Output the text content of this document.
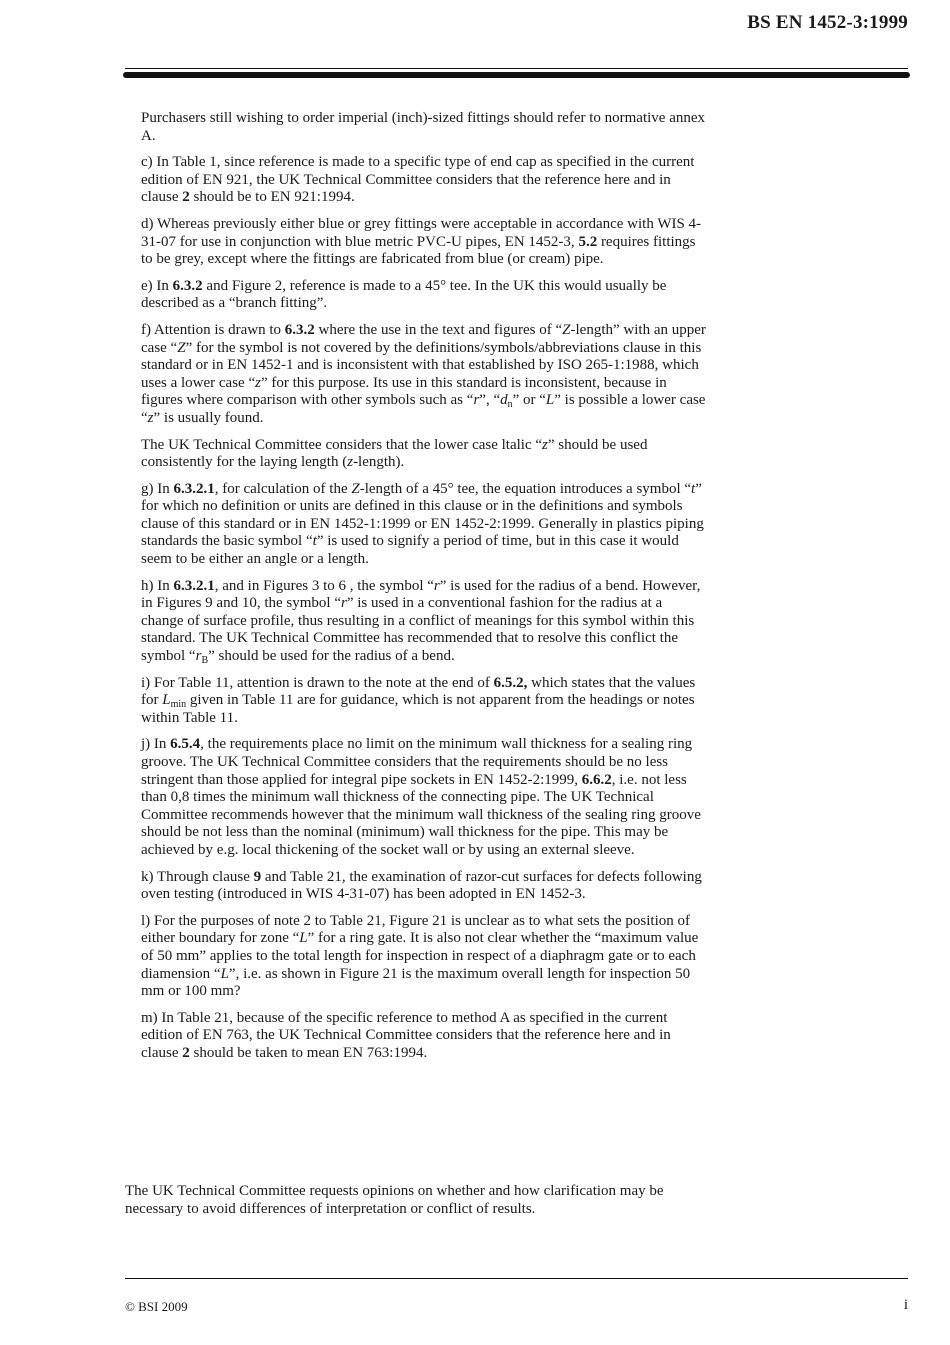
BS EN 1452-3:1999

Purchasers still wishing to order imperial (inch)-sized fittings should refer to normative annex A.

c) In Table 1, since reference is made to a specific type of end cap as specified in the current edition of EN 921, the UK Technical Committee considers that the reference here and in clause 2 should be to EN 921:1994.

d) Whereas previously either blue or grey fittings were acceptable in accordance with WIS 4-31-07 for use in conjunction with blue metric PVC-U pipes, EN 1452-3, 5.2 requires fittings to be grey, except where the fittings are fabricated from blue (or cream) pipe.

e) In 6.3.2 and Figure 2, reference is made to a 45° tee. In the UK this would usually be described as a “branch fitting”.

f) Attention is drawn to 6.3.2 where the use in the text and figures of “Z-length” with an upper case “Z” for the symbol is not covered by the definitions/symbols/abbreviations clause in this standard or in EN 1452-1 and is inconsistent with that established by ISO 265-1:1988, which uses a lower case “z” for this purpose. Its use in this standard is inconsistent, because in figures where comparison with other symbols such as “r”, “$d_n$” or “L” is possible a lower case “z” is usually found.

The UK Technical Committee considers that the lower case ltalic “z” should be used consistently for the laying length (z-length).

g) In 6.3.2.1, for calculation of the Z-length of a 45° tee, the equation introduces a symbol “t” for which no definition or units are defined in this clause or in the definitions and symbols clause of this standard or in EN 1452-1:1999 or EN 1452-2:1999. Generally in plastics piping standards the basic symbol “t” is used to signify a period of time, but in this case it would seem to be either an angle or a length.

h) In 6.3.2.1, and in Figures 3 to 6 , the symbol “r” is used for the radius of a bend. However, in Figures 9 and 10, the symbol “r” is used in a conventional fashion for the radius at a change of surface profile, thus resulting in a conflict of meanings for this symbol within this standard. The UK Technical Committee has recommended that to resolve this conflict the symbol “$r_B$” should be used for the radius of a bend.

i) For Table 11, attention is drawn to the note at the end of 6.5.2, which states that the values for $L_{min}$ given in Table 11 are for guidance, which is not apparent from the headings or notes within Table 11.

j) In 6.5.4, the requirements place no limit on the minimum wall thickness for a sealing ring groove. The UK Technical Committee considers that the requirements should be no less stringent than those applied for integral pipe sockets in EN 1452-2:1999, 6.6.2, i.e. not less than 0,8 times the minimum wall thickness of the connecting pipe. The UK Technical Committee recommends however that the minimum wall thickness of the sealing ring groove should be not less than the nominal (minimum) wall thickness for the pipe. This may be achieved by e.g. local thickening of the socket wall or by using an external sleeve.

k) Through clause 9 and Table 21, the examination of razor-cut surfaces for defects following oven testing (introduced in WIS 4-31-07) has been adopted in EN 1452-3.

l) For the purposes of note 2 to Table 21, Figure 21 is unclear as to what sets the position of either boundary for zone “L” for a ring gate. It is also not clear whether the “maximum value of 50 mm” applies to the total length for inspection in respect of a diaphragm gate or to each diamension “L”, i.e. as shown in Figure 21 is the maximum overall length for inspection 50 mm or 100 mm?

m) In Table 21, because of the specific reference to method A as specified in the current edition of EN 763, the UK Technical Committee considers that the reference here and in clause 2 should be taken to mean EN 763:1994.

The UK Technical Committee requests opinions on whether and how clarification may be necessary to avoid differences of interpretation or conflict of results.

© BSI 2009	i
